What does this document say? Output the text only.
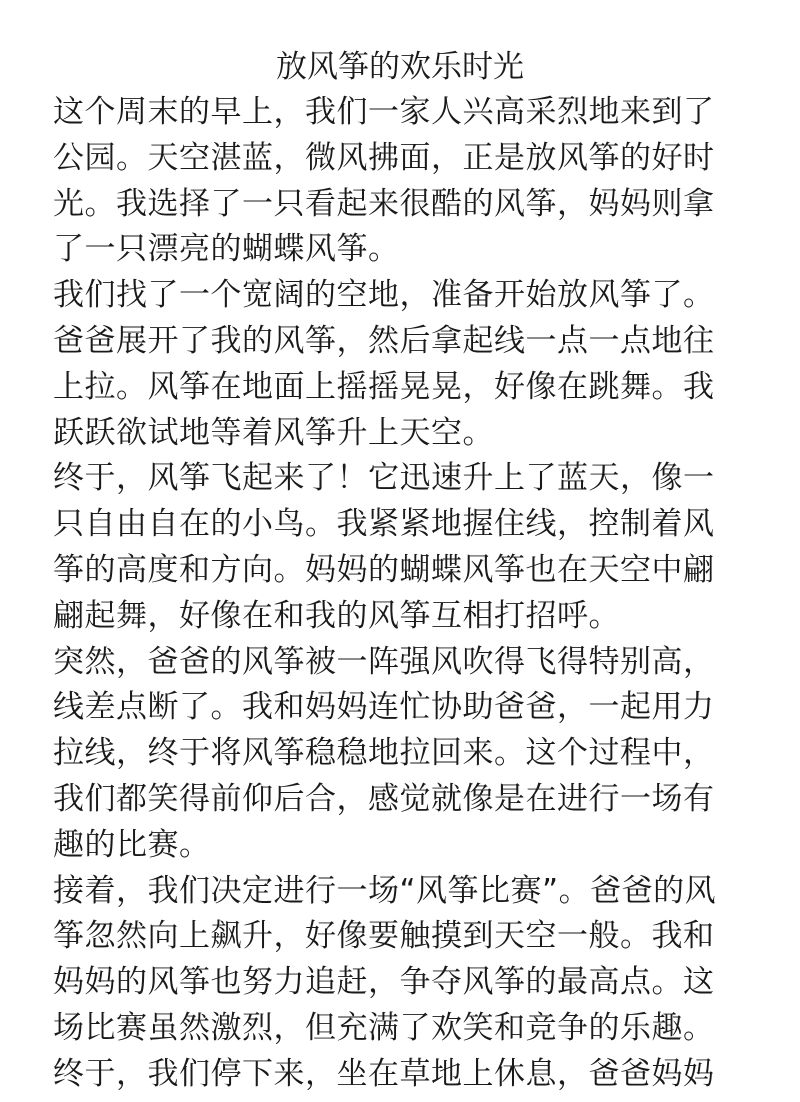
放风筝的欢乐时光
这个周末的早上，我们一家人兴高采烈地来到了
公园。天空湛蓝，微风拂面，正是放风筝的好时
光。我选择了一只看起来很酷的风筝，妈妈则拿
了一只漂亮的蝴蝶风筝。
我们找了一个宽阔的空地，准备开始放风筝了。
爸爸展开了我的风筝，然后拿起线一点一点地往
上拉。风筝在地面上摇摇晃晃，好像在跳舞。我
跃跃欲试地等着风筝升上天空。
终于，风筝飞起来了！它迅速升上了蓝天，像一
只自由自在的小鸟。我紧紧地握住线，控制着风
筝的高度和方向。妈妈的蝴蝶风筝也在天空中翩
翩起舞，好像在和我的风筝互相打招呼。
突然，爸爸的风筝被一阵强风吹得飞得特别高，
线差点断了。我和妈妈连忙协助爸爸，一起用力
拉线，终于将风筝稳稳地拉回来。这个过程中，
我们都笑得前仰后合，感觉就像是在进行一场有
趣的比赛。
接着，我们决定进行一场“风筝比赛”。爸爸的风
筝忽然向上飙升，好像要触摸到天空一般。我和
妈妈的风筝也努力追赶，争夺风筝的最高点。这
场比赛虽然激烈，但充满了欢笑和竞争的乐趣。
终于，我们停下来，坐在草地上休息，爸爸妈妈
